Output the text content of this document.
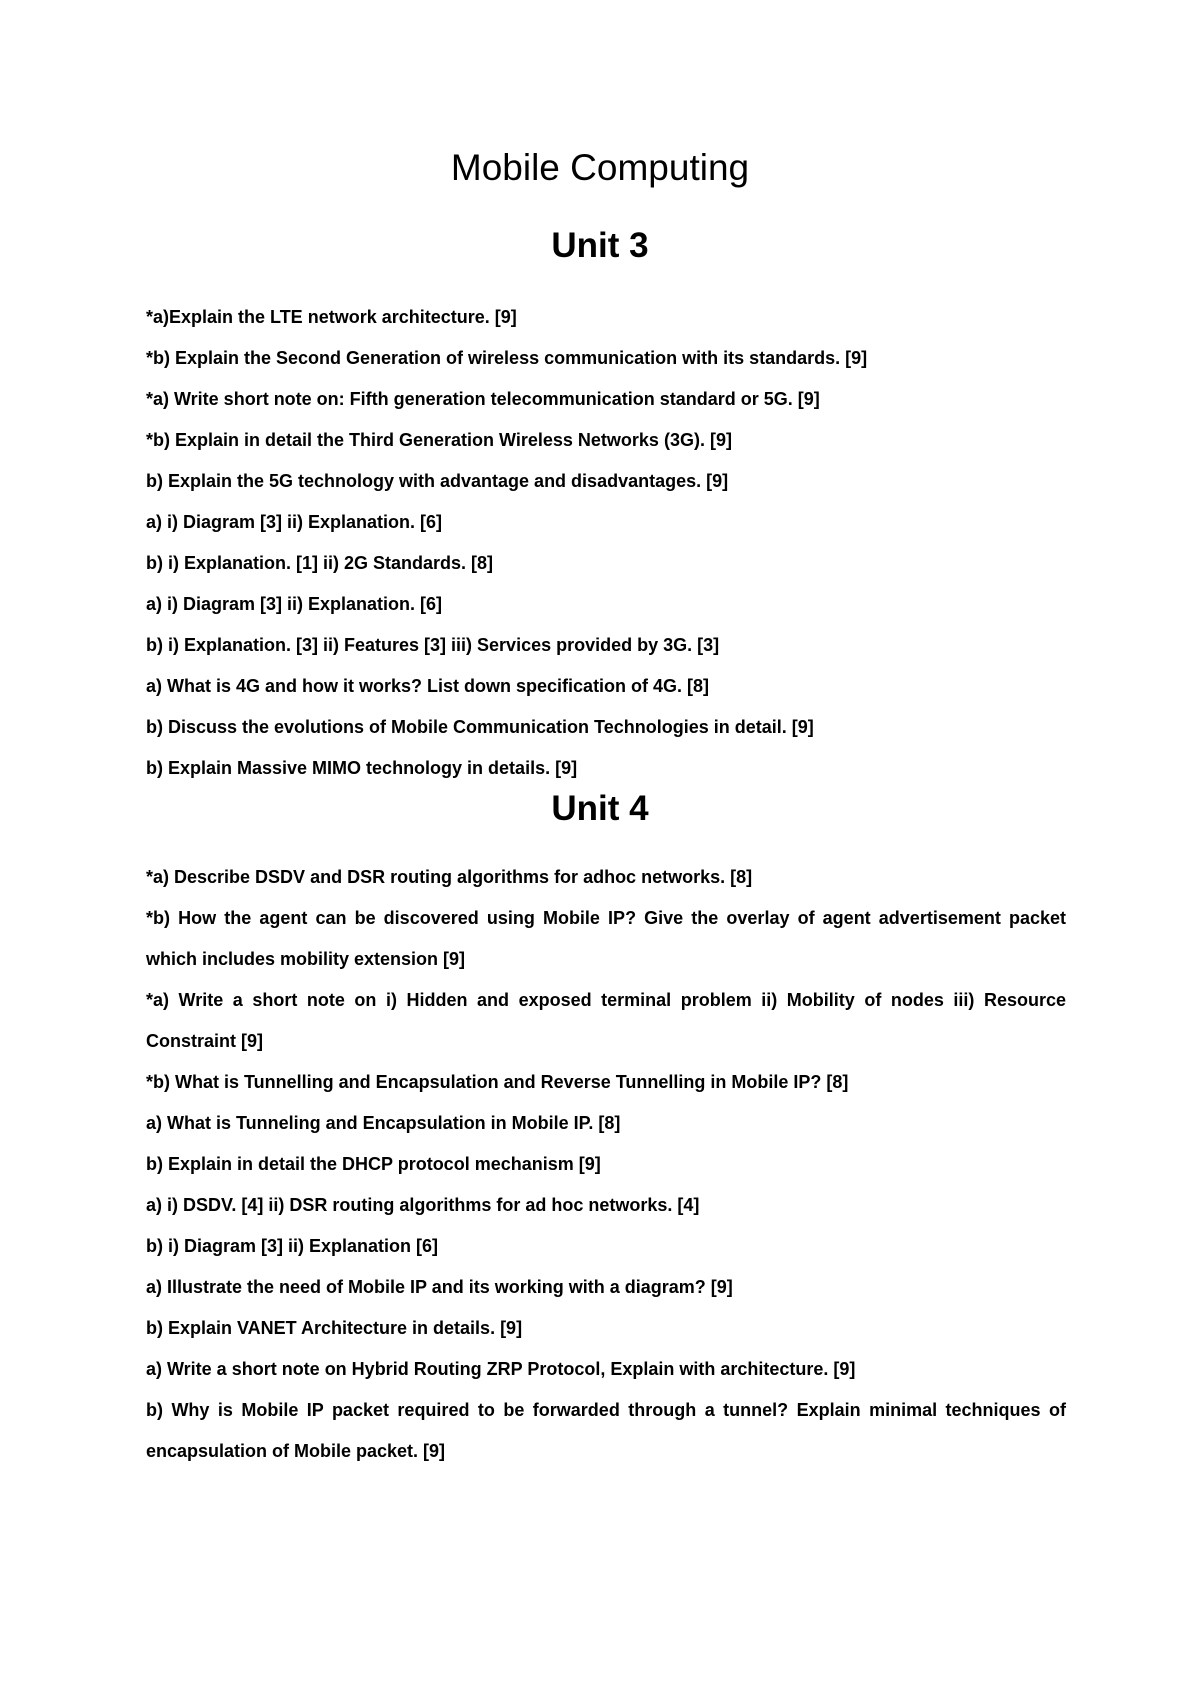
Mobile Computing
Unit 3
*a)Explain the LTE network architecture. [9]
*b) Explain the Second Generation of wireless communication with its standards. [9]
*a) Write short note on: Fifth generation telecommunication standard or 5G. [9]
*b) Explain in detail the Third Generation Wireless Networks (3G). [9]
b) Explain the 5G technology with advantage and disadvantages. [9]
a) i) Diagram [3] ii) Explanation. [6]
b) i) Explanation. [1] ii) 2G Standards. [8]
a) i) Diagram [3] ii) Explanation. [6]
b) i) Explanation. [3] ii) Features [3] iii) Services provided by 3G. [3]
a) What is 4G and how it works? List down specification of 4G. [8]
b) Discuss the evolutions of Mobile Communication Technologies in detail. [9]
b) Explain Massive MIMO technology in details. [9]
Unit 4
*a) Describe DSDV and DSR routing algorithms for adhoc networks. [8]
*b) How the agent can be discovered using Mobile IP? Give the overlay of agent advertisement packet which includes mobility extension [9]
*a) Write a short note on i) Hidden and exposed terminal problem ii) Mobility of nodes iii) Resource Constraint [9]
*b) What is Tunnelling and Encapsulation and Reverse Tunnelling in Mobile IP? [8]
a) What is Tunneling and Encapsulation in Mobile IP. [8]
b) Explain in detail the DHCP protocol mechanism [9]
a) i) DSDV. [4] ii) DSR routing algorithms for ad hoc networks. [4]
b) i) Diagram [3] ii) Explanation [6]
a) Illustrate the need of Mobile IP and its working with a diagram? [9]
b) Explain VANET Architecture in details. [9]
a) Write a short note on Hybrid Routing ZRP Protocol, Explain with architecture. [9]
b) Why is Mobile IP packet required to be forwarded through a tunnel? Explain minimal techniques of encapsulation of Mobile packet. [9]
